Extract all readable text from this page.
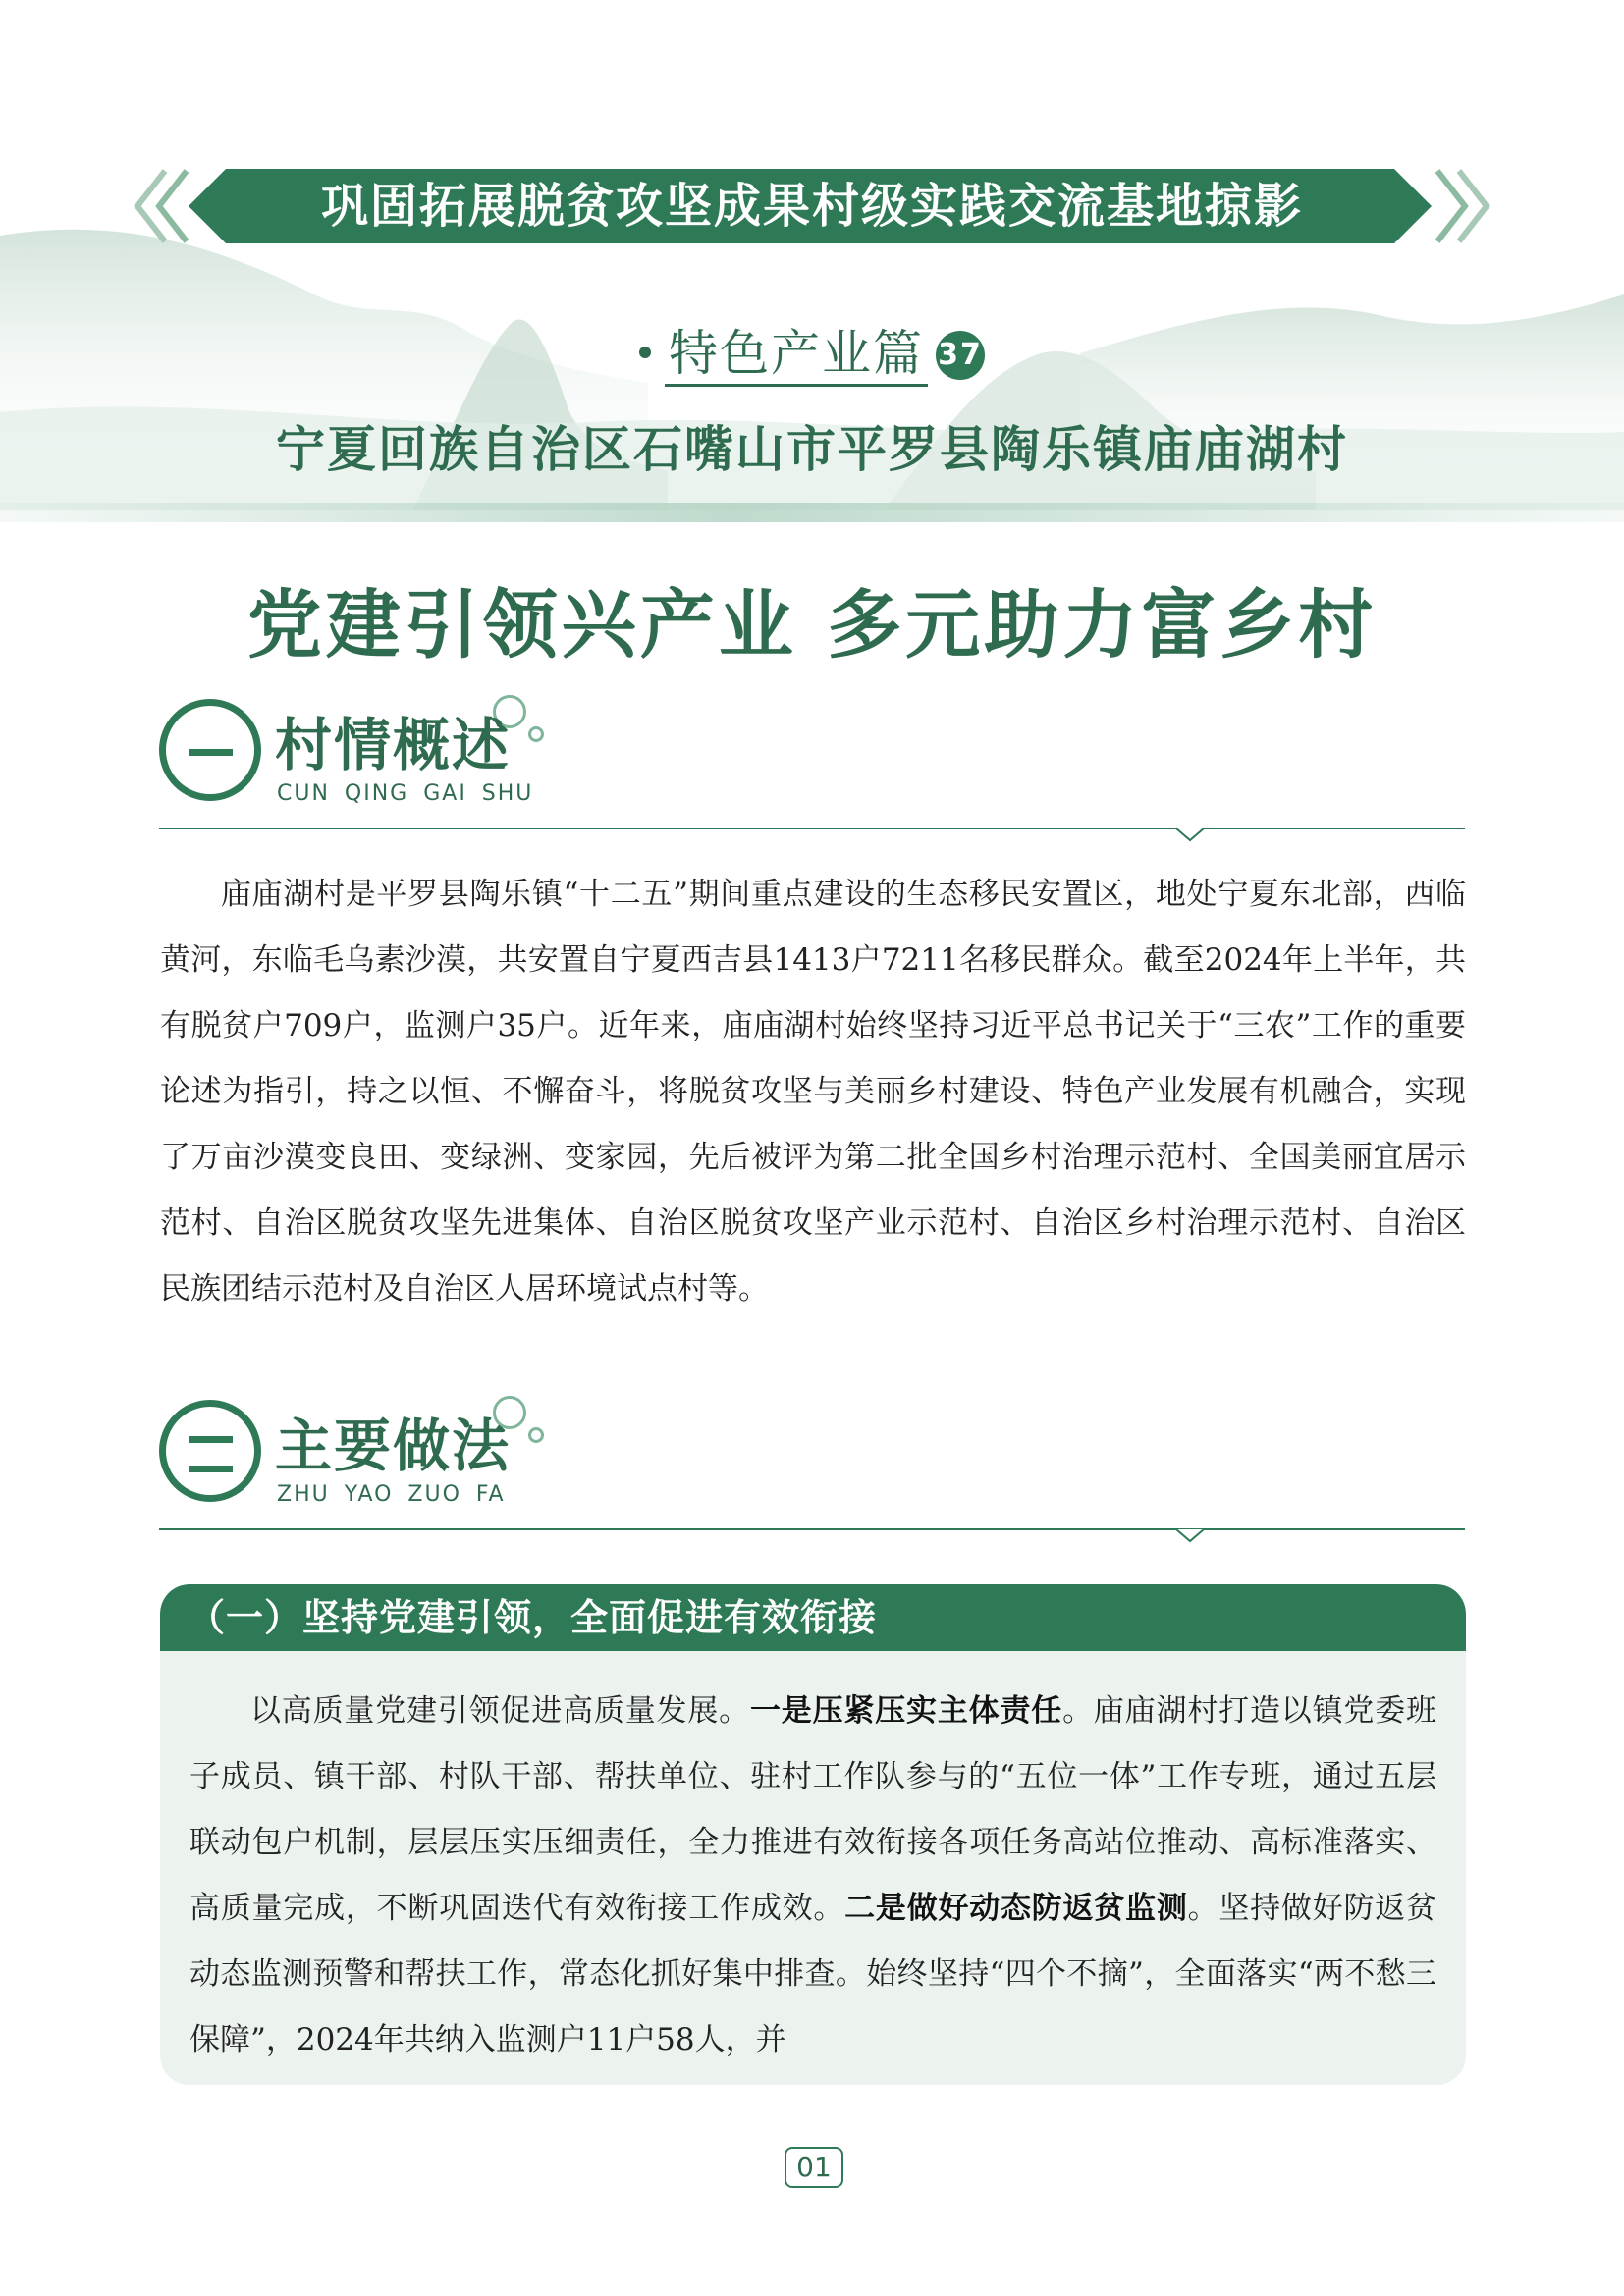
巩固拓展脱贫攻坚成果村级实践交流基地掠影
特色产业篇 37
宁夏回族自治区石嘴山市平罗县陶乐镇庙庙湖村
党建引领兴产业 多元助力富乡村
村情概述
CUN QING GAI SHU

庙庙湖村是平罗县陶乐镇“十二五”期间重点建设的生态移民安置区，地处宁夏东北部，西临黄河，东临毛乌素沙漠，共安置自宁夏西吉县1413户7211名移民群众。截至2024年上半年，共有脱贫户709户，监测户35户。近年来，庙庙湖村始终坚持习近平总书记关于“三农”工作的重要论述为指引，持之以恒、不懈奋斗，将脱贫攻坚与美丽乡村建设、特色产业发展有机融合，实现了万亩沙漠变良田、变绿洲、变家园，先后被评为第二批全国乡村治理示范村、全国美丽宜居示范村、自治区脱贫攻坚先进集体、自治区脱贫攻坚产业示范村、自治区乡村治理示范村、自治区民族团结示范村及自治区人居环境试点村等。

主要做法
ZHU YAO ZUO FA
（一）坚持党建引领，全面促进有效衔接

以高质量党建引领促进高质量发展。一是压紧压实主体责任。庙庙湖村打造以镇党委班子成员、镇干部、村队干部、帮扶单位、驻村工作队参与的“五位一体”工作专班，通过五层联动包户机制，层层压实压细责任，全力推进有效衔接各项任务高站位推动、高标准落实、高质量完成，不断巩固迭代有效衔接工作成效。二是做好动态防返贫监测。坚持做好防返贫动态监测预警和帮扶工作，常态化抓好集中排查。始终坚持“四个不摘”，全面落实“两不愁三保障”，2024年共纳入监测户11户58人，并

01
